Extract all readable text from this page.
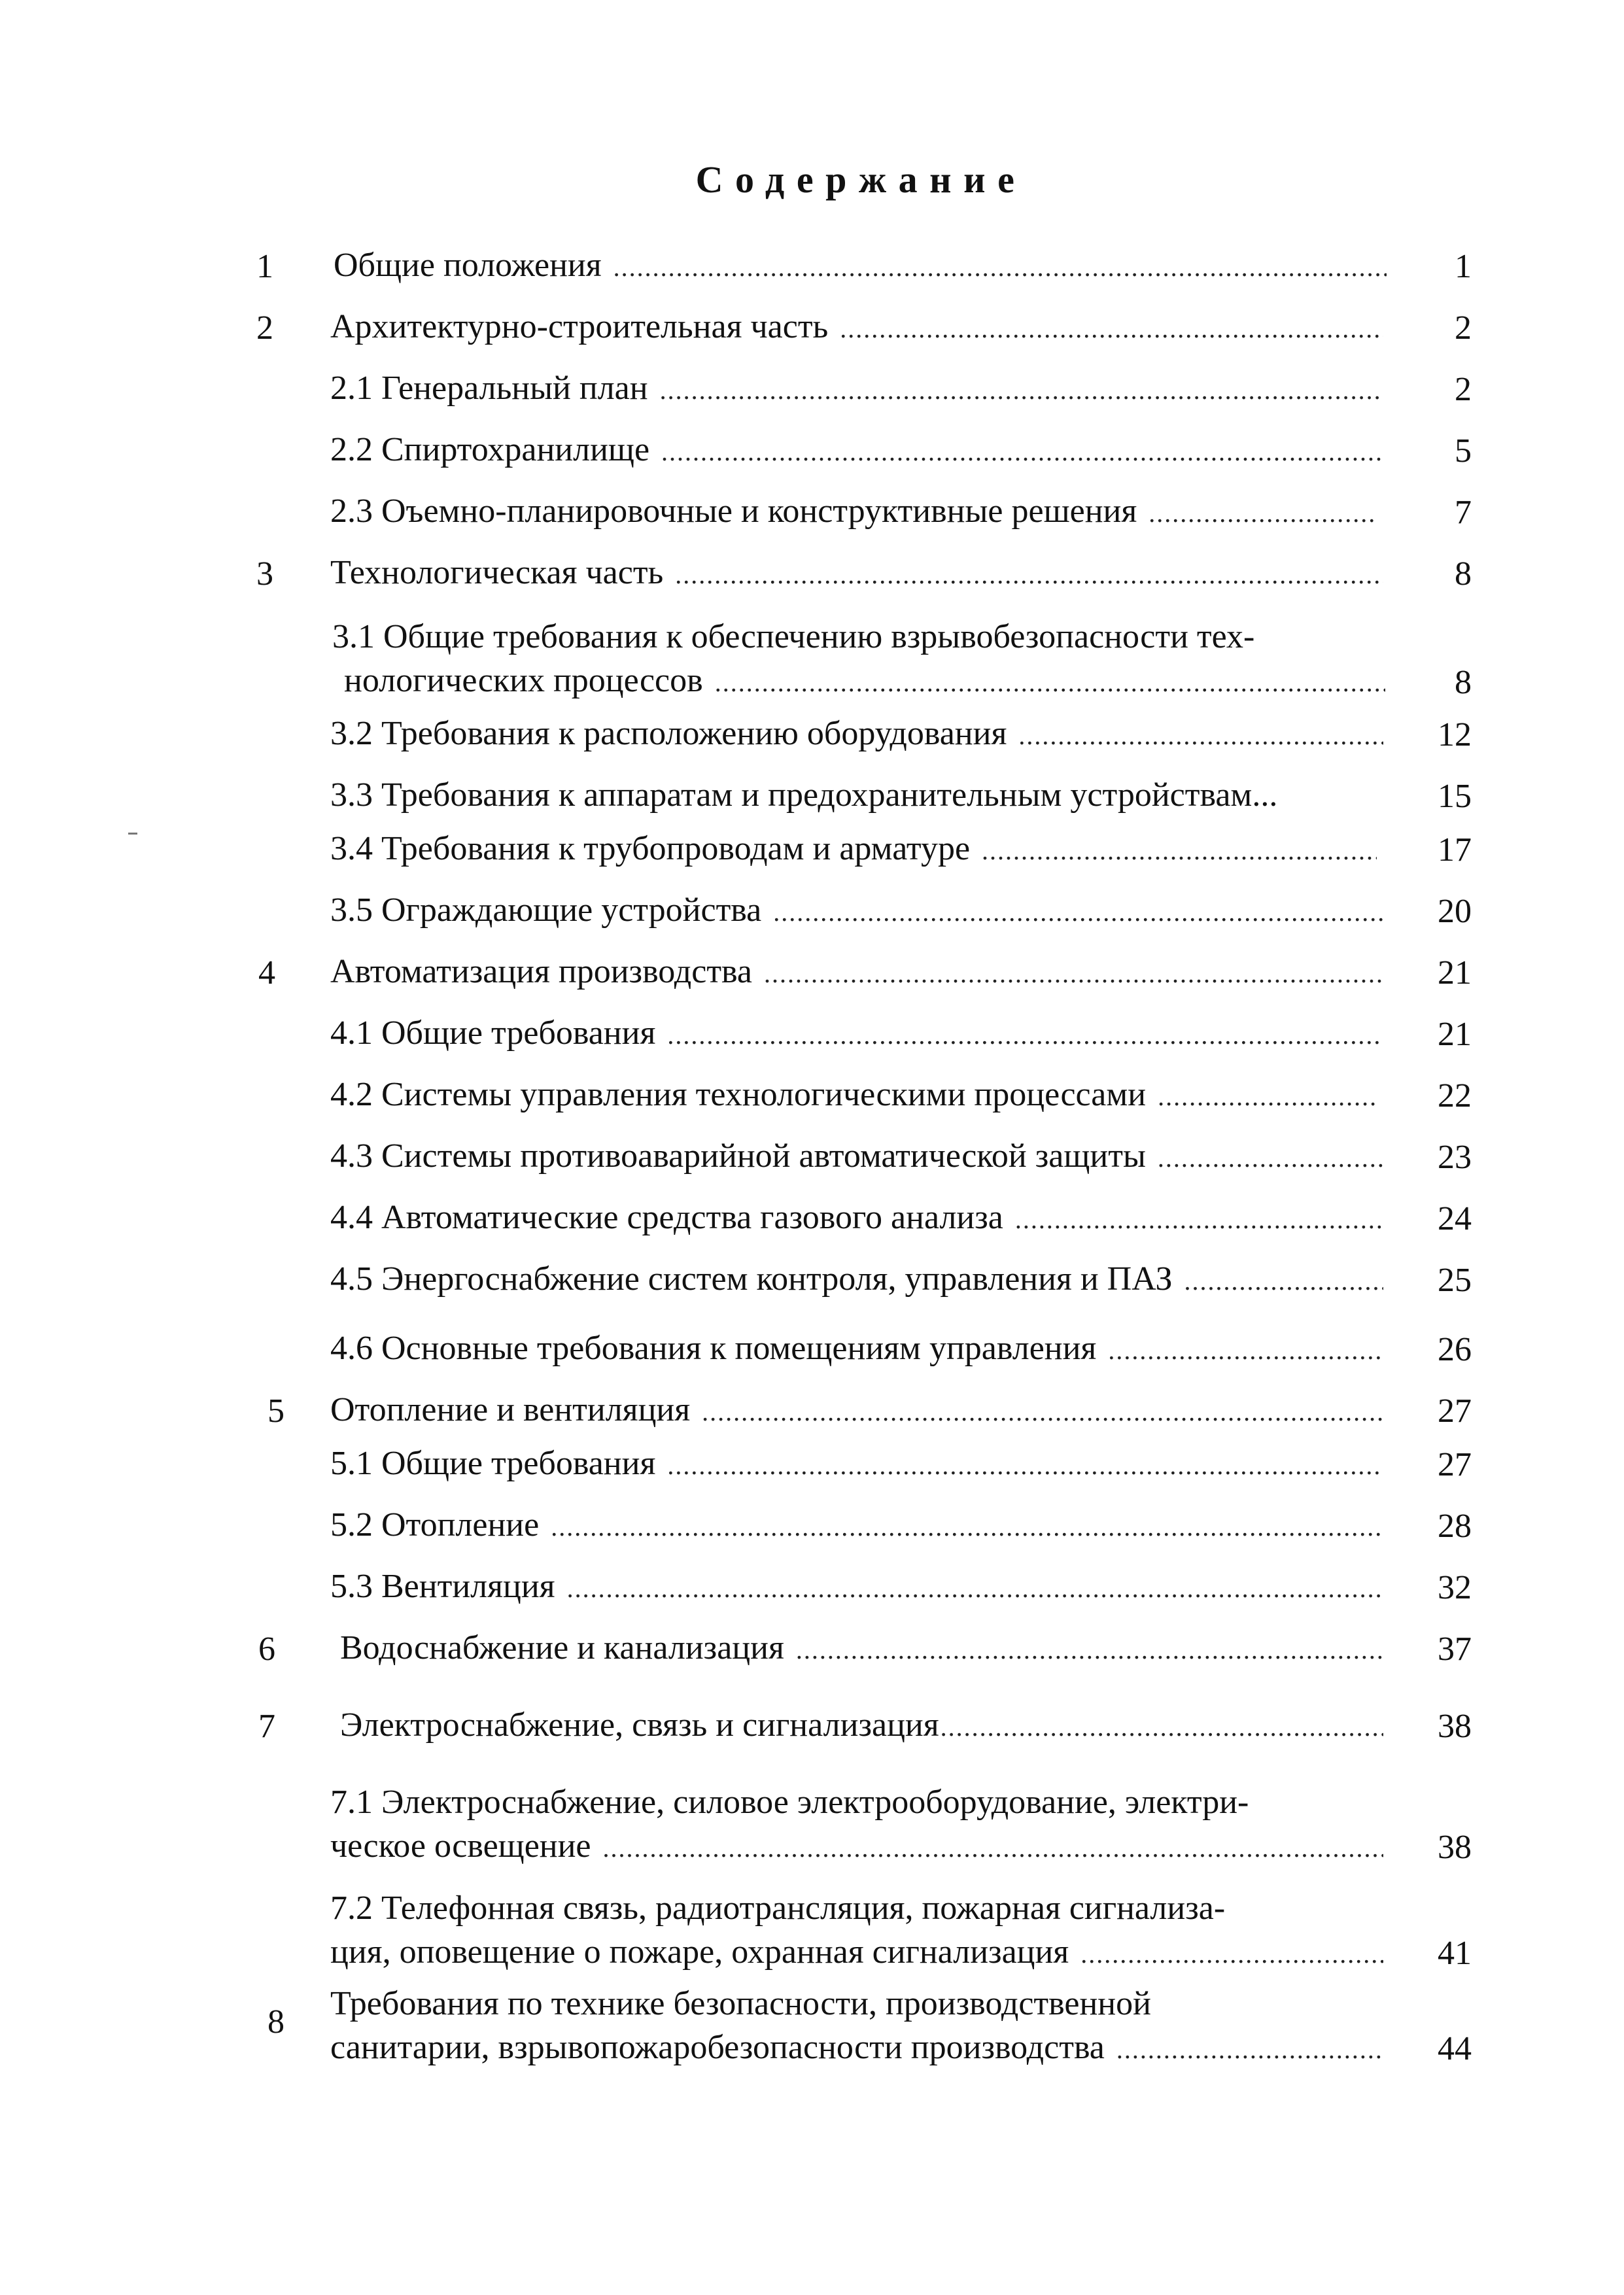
Содержание
1	Общие положения .....	1
2	Архитектурно-строительная часть .....	2
2.1 Генеральный план .....	2
2.2 Спиртохранилище .....	5
2.3 Оъемно-планировочные и конструктивные решения .....	7
3	Технологическая часть .....	8
3.1 Общие требования к обеспечению взрывобезопасности тех-
нологических процессов .....	8
3.2 Требования к расположению оборудования .....	12
3.3 Требования к аппаратам и предохранительным устройствам...	15
3.4 Требования к трубопроводам и арматуре .....	17
3.5 Ограждающие устройства .....	20
4	Автоматизация производства .....	21
4.1 Общие требования .....	21
4.2 Системы управления технологическими процессами .....	22
4.3 Системы противоаварийной автоматической защиты .....	23
4.4 Автоматические средства газового анализа .....	24
4.5 Энергоснабжение систем контроля, управления и ПАЗ .....	25
4.6 Основные требования к помещениям управления .....	26
5	Отопление и вентиляция .....	27
5.1 Общие требования .....	27
5.2 Отопление .....	28
5.3 Вентиляция .....	32
6	Водоснабжение и канализация .....	37
7	Электроснабжение, связь и сигнализация .....	38
7.1 Электроснабжение, силовое электрооборудование, электри-
ческое освещение .....	38
7.2 Телефонная связь, радиотрансляция, пожарная сигнализа-
ция, оповещение о пожаре, охранная сигнализация .....	41
8	Требования по технике безопасности, производственной
санитарии, взрывопожаробезопасности производства .....	44
